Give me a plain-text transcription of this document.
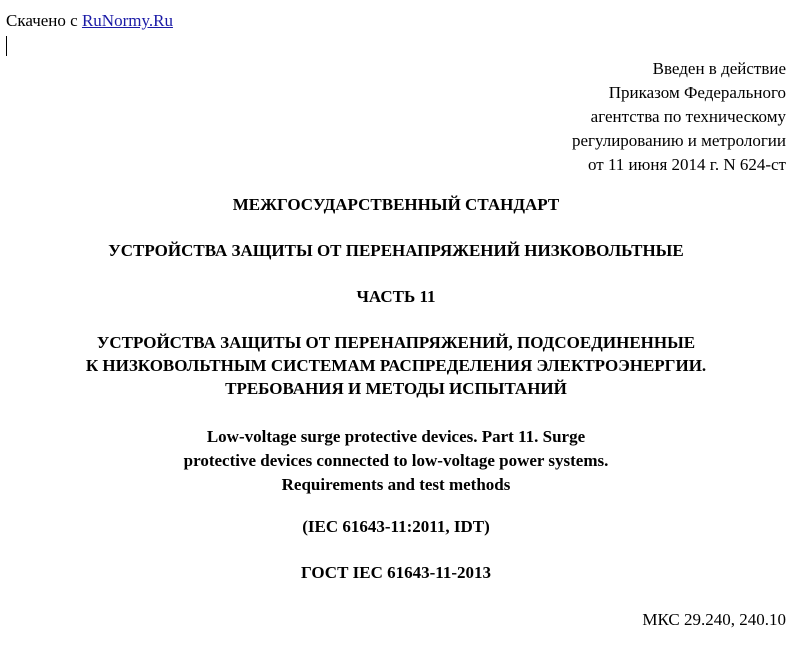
Скачено с RuNormy.Ru
Введен в действие
Приказом Федерального
агентства по техническому
регулированию и метрологии
от 11 июня 2014 г. N 624-ст
МЕЖГОСУДАРСТВЕННЫЙ СТАНДАРТ
УСТРОЙСТВА ЗАЩИТЫ ОТ ПЕРЕНАПРЯЖЕНИЙ НИЗКОВОЛЬТНЫЕ
ЧАСТЬ 11
УСТРОЙСТВА ЗАЩИТЫ ОТ ПЕРЕНАПРЯЖЕНИЙ, ПОДСОЕДИНЕННЫЕ
К НИЗКОВОЛЬТНЫМ СИСТЕМАМ РАСПРЕДЕЛЕНИЯ ЭЛЕКТРОЭНЕРГИИ.
ТРЕБОВАНИЯ И МЕТОДЫ ИСПЫТАНИЙ
Low-voltage surge protective devices. Part 11. Surge
protective devices connected to low-voltage power systems.
Requirements and test methods
(IEC 61643-11:2011, IDT)
ГОСТ IEC 61643-11-2013
МКС 29.240, 240.10
